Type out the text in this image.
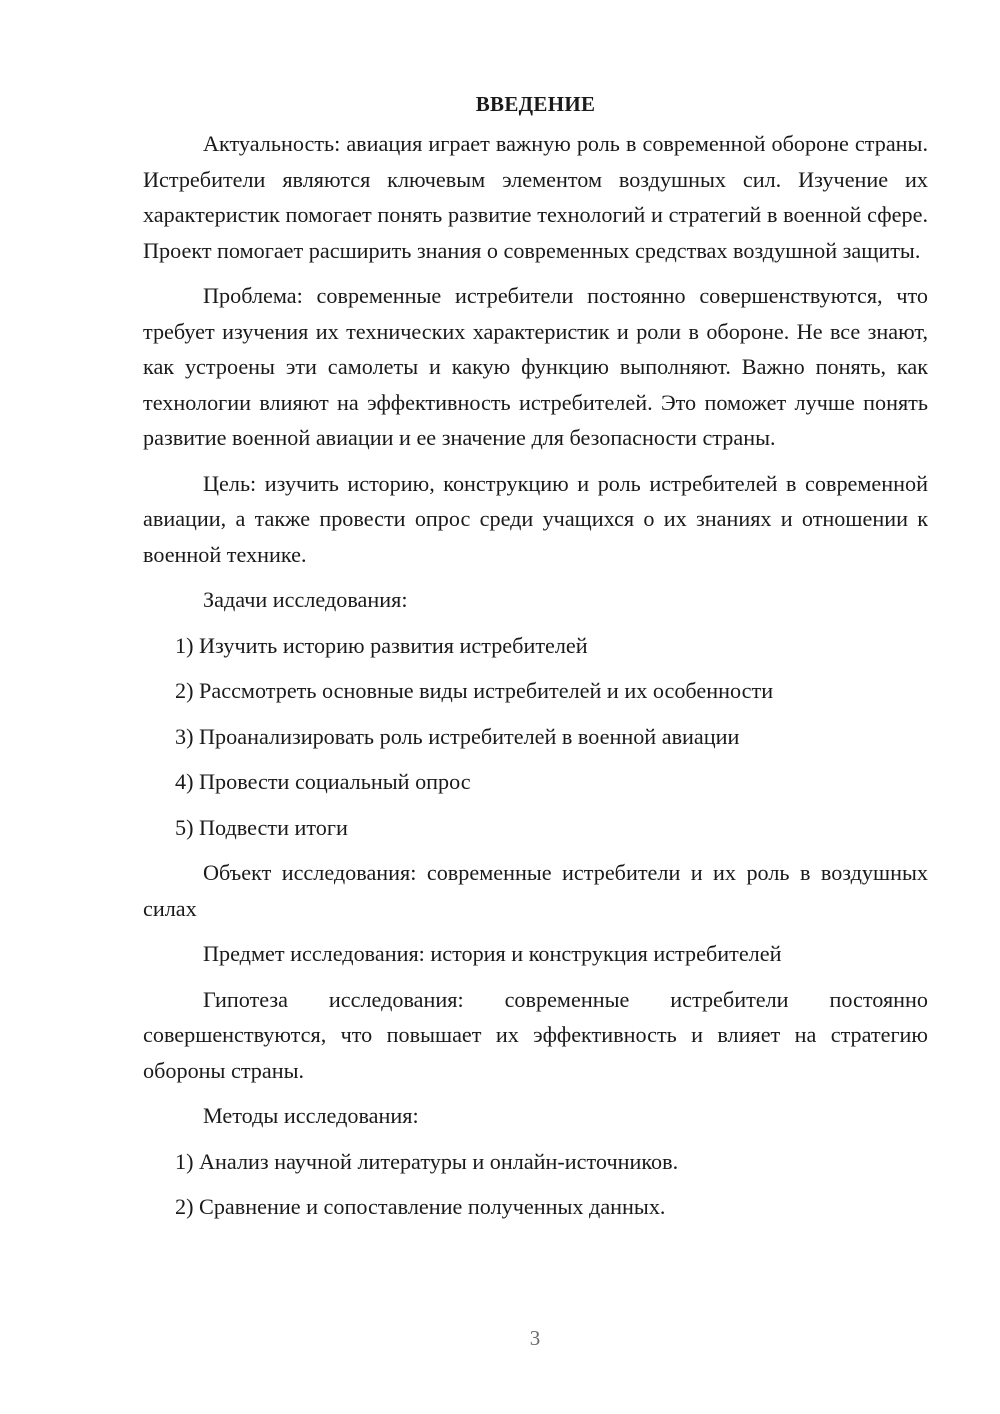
ВВЕДЕНИЕ

Актуальность: авиация играет важную роль в современной обороне страны. Истребители являются ключевым элементом воздушных сил. Изучение их характеристик помогает понять развитие технологий и стратегий в военной сфере. Проект помогает расширить знания о современных средствах воздушной защиты.

Проблема: современные истребители постоянно совершенствуются, что требует изучения их технических характеристик и роли в обороне. Не все знают, как устроены эти самолеты и какую функцию выполняют. Важно понять, как технологии влияют на эффективность истребителей. Это поможет лучше понять развитие военной авиации и ее значение для безопасности страны.

Цель: изучить историю, конструкцию и роль истребителей в современной авиации, а также провести опрос среди учащихся о их знаниях и отношении к военной технике.

Задачи исследования:

1) Изучить историю развития истребителей
2) Рассмотреть основные виды истребителей и их особенности
3) Проанализировать роль истребителей в военной авиации
4) Провести социальный опрос
5) Подвести итоги

Объект исследования: современные истребители и их роль в воздушных силах

Предмет исследования: история и конструкция истребителей

Гипотеза исследования: современные истребители постоянно совершенствуются, что повышает их эффективность и влияет на стратегию обороны страны.

Методы исследования:

1) Анализ научной литературы и онлайн-источников.
2) Сравнение и сопоставление полученных данных.
3
